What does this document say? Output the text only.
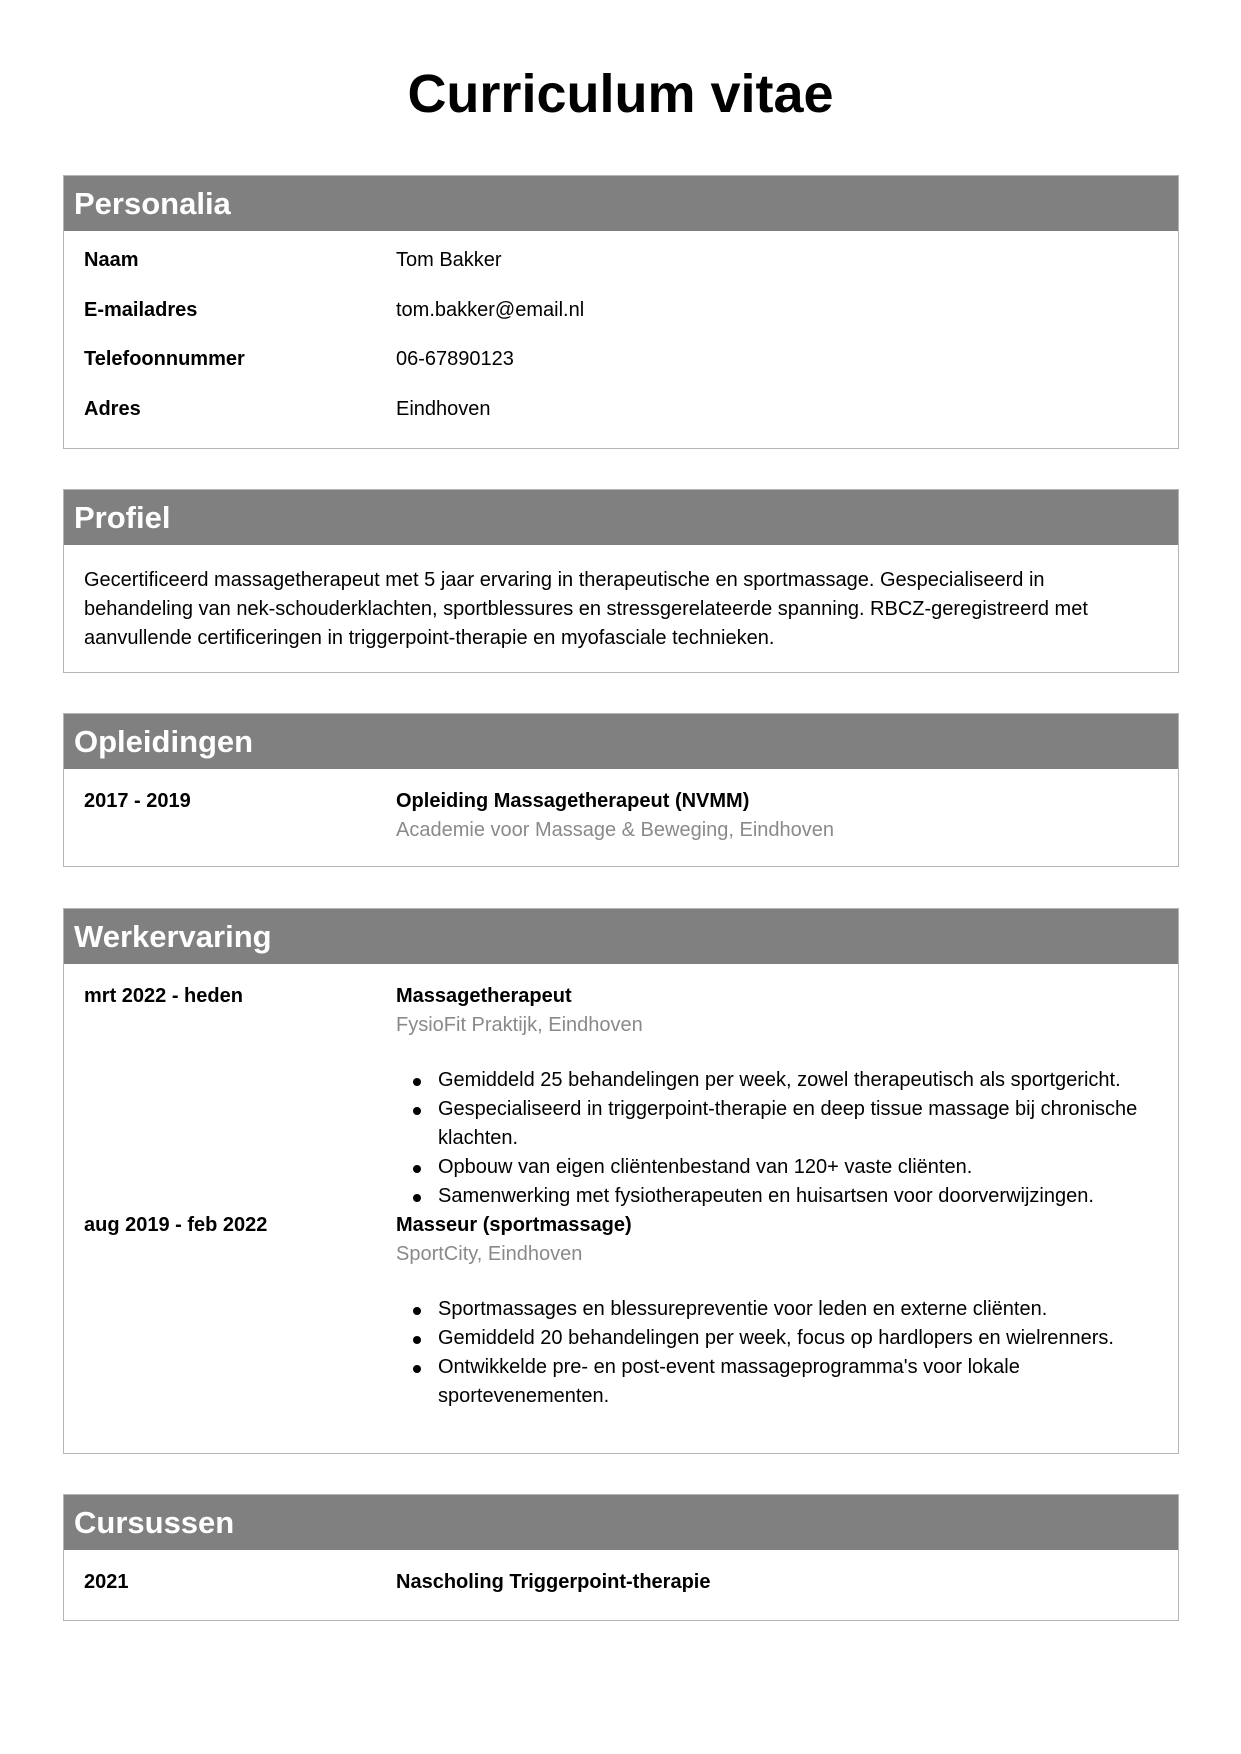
Curriculum vitae
Personalia
Naam	Tom Bakker
E-mailadres	tom.bakker@email.nl
Telefoonnummer	06-67890123
Adres	Eindhoven
Profiel

Gecertificeerd massagetherapeut met 5 jaar ervaring in therapeutische en sportmassage. Gespecialiseerd in behandeling van nek-schouderklachten, sportblessures en stressgerelateerde spanning. RBCZ-geregistreerd met aanvullende certificeringen in triggerpoint-therapie en myofasciale technieken.

Opleidingen
2017 - 2019	Opleiding Massagetherapeut (NVMM)
Academie voor Massage & Beweging, Eindhoven
Werkervaring
mrt 2022 - heden	Massagetherapeut
FysioFit Praktijk, Eindhoven
Gemiddeld 25 behandelingen per week, zowel therapeutisch als sportgericht.
Gespecialiseerd in triggerpoint-therapie en deep tissue massage bij chronische klachten.
Opbouw van eigen cliëntenbestand van 120+ vaste cliënten.
Samenwerking met fysiotherapeuten en huisartsen voor doorverwijzingen.
aug 2019 - feb 2022	Masseur (sportmassage)
SportCity, Eindhoven
Sportmassages en blessurepreventie voor leden en externe cliënten.
Gemiddeld 20 behandelingen per week, focus op hardlopers en wielrenners.
Ontwikkelde pre- en post-event massageprogramma's voor lokale sportevenementen.
Cursussen
2021	Nascholing Triggerpoint-therapie
